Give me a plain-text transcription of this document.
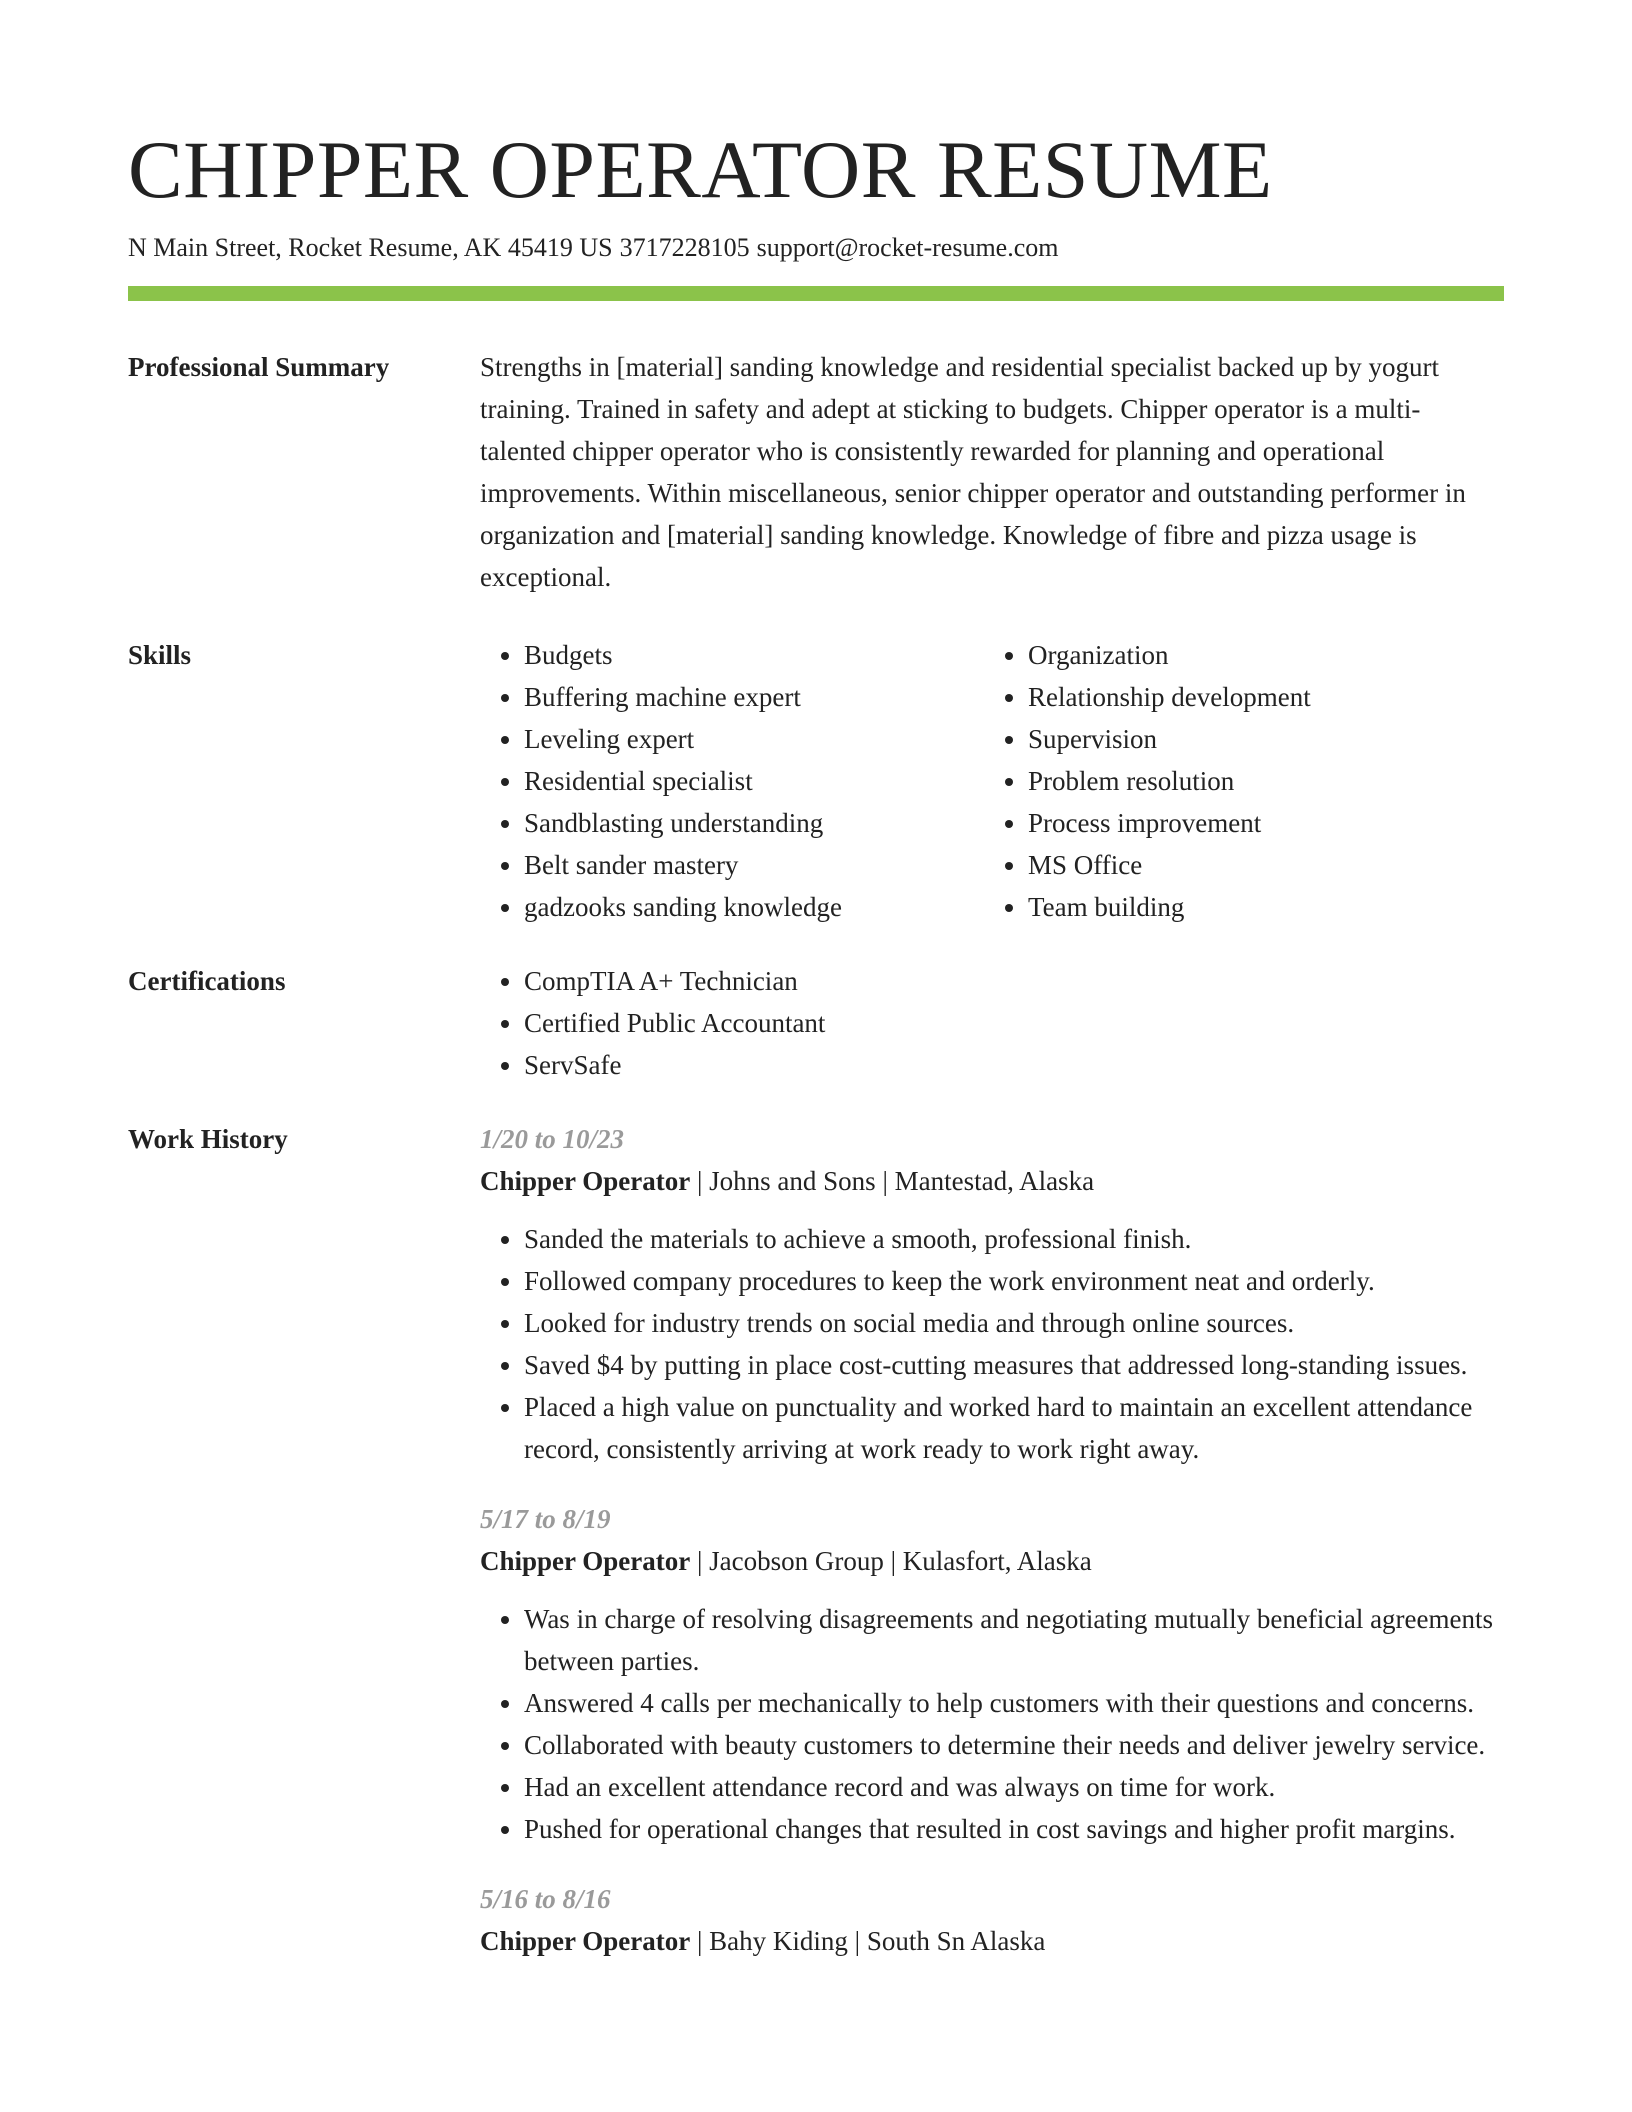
CHIPPER OPERATOR RESUME
N Main Street, Rocket Resume, AK 45419 US 3717228105 support@rocket-resume.com
Professional Summary	Strengths in [material] sanding knowledge and residential specialist backed up by yogurt training. Trained in safety and adept at sticking to budgets. Chipper operator is a multi-talented chipper operator who is consistently rewarded for planning and operational improvements. Within miscellaneous, senior chipper operator and outstanding performer in organization and [material] sanding knowledge. Knowledge of fibre and pizza usage is exceptional.

Skills	• Budgets
• Buffering machine expert
• Leveling expert
• Residential specialist
• Sandblasting understanding
• Belt sander mastery
• gadzooks sanding knowledge
• Organization
• Relationship development
• Supervision
• Problem resolution
• Process improvement
• MS Office
• Team building
Certifications	• CompTIA A+ Technician
• Certified Public Accountant
• ServSafe
Work History	1/20 to 10/23
Chipper Operator | Johns and Sons | Mantestad, Alaska
• Sanded the materials to achieve a smooth, professional finish.
• Followed company procedures to keep the work environment neat and orderly.
• Looked for industry trends on social media and through online sources.
• Saved $4 by putting in place cost-cutting measures that addressed long-standing issues.
• Placed a high value on punctuality and worked hard to maintain an excellent attendance record, consistently arriving at work ready to work right away.
5/17 to 8/19
Chipper Operator | Jacobson Group | Kulasfort, Alaska
• Was in charge of resolving disagreements and negotiating mutually beneficial agreements between parties.
• Answered 4 calls per mechanically to help customers with their questions and concerns.
• Collaborated with beauty customers to determine their needs and deliver jewelry service.
• Had an excellent attendance record and was always on time for work.
• Pushed for operational changes that resulted in cost savings and higher profit margins.
5/16 to 8/16
Chipper Operator | Bahy Kiding | South Sn Alaska
